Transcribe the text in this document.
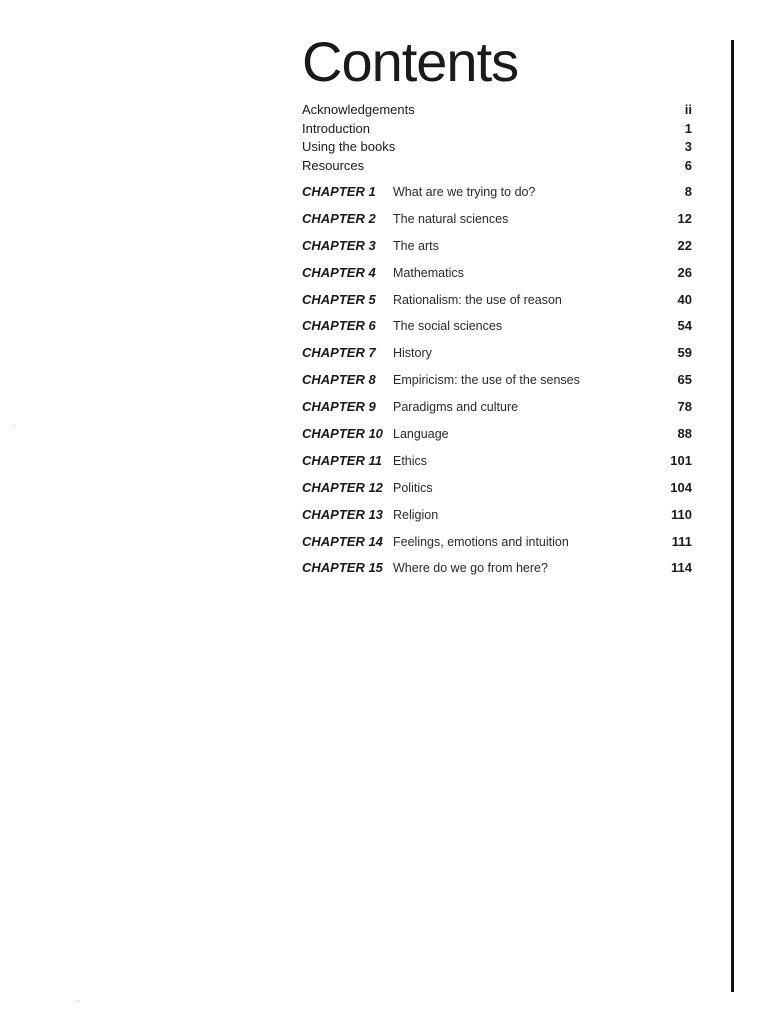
Contents
Acknowledgements	ii
Introduction	1
Using the books	3
Resources	6
CHAPTER 1 What are we trying to do?	8
CHAPTER 2 The natural sciences	12
CHAPTER 3 The arts	22
CHAPTER 4 Mathematics	26
CHAPTER 5 Rationalism: the use of reason	40
CHAPTER 6 The social sciences	54
CHAPTER 7 History	59
CHAPTER 8 Empiricism: the use of the senses	65
CHAPTER 9 Paradigms and culture	78
CHAPTER 10 Language	88
CHAPTER 11 Ethics	101
CHAPTER 12 Politics	104
CHAPTER 13 Religion	110
CHAPTER 14 Feelings, emotions and intuition	111
CHAPTER 15 Where do we go from here?	114
